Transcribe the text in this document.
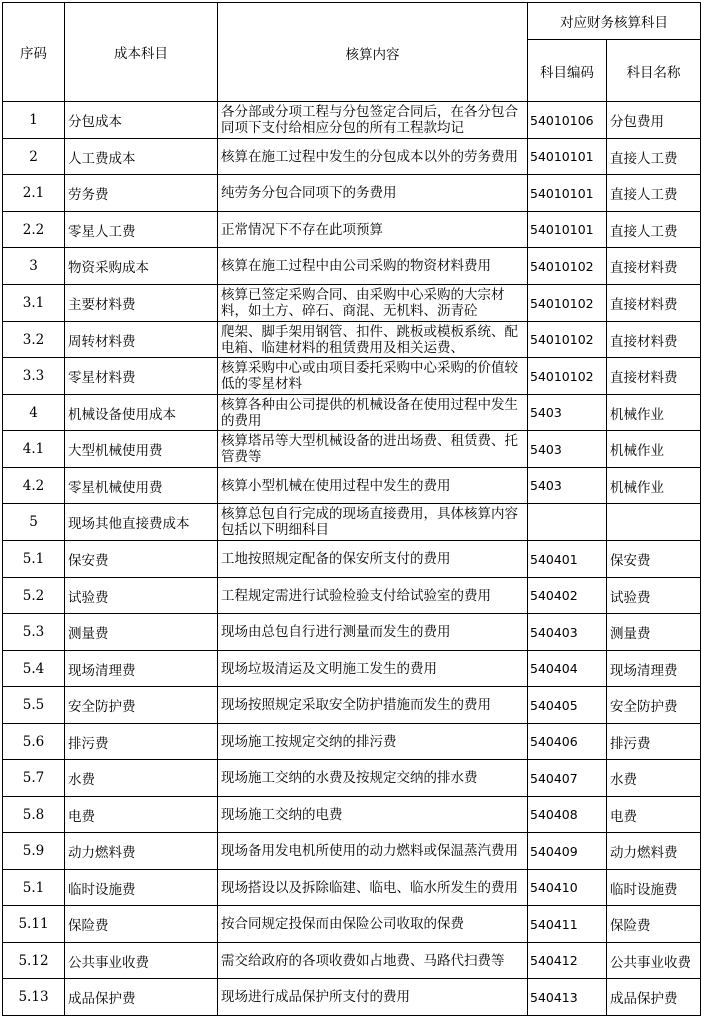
序码	成本科目	核算内容	对应财务核算科目	
			科目编码	科目名称
1	分包成本	各分部或分项工程与分包签定合同后，在各分包合同项下支付给相应分包的所有工程款均记	54010106	分包费用
2	人工费成本	核算在施工过程中发生的分包成本以外的劳务费用	54010101	直接人工费
2.1	劳务费	纯劳务分包合同项下的务费用	54010101	直接人工费
2.2	零星人工费	正常情况下不存在此项预算	54010101	直接人工费
3	物资采购成本	核算在施工过程中由公司采购的物资材料费用	54010102	直接材料费
3.1	主要材料费	核算已签定采购合同、由采购中心采购的大宗材料，如土方、碎石、商混、无机料、沥青砼	54010102	直接材料费
3.2	周转材料费	爬架、脚手架用钢管、扣件、跳板或模板系统、配电箱、临建材料的租赁费用及相关运费、	54010102	直接材料费
3.3	零星材料费	核算采购中心或由项目委托采购中心采购的价值较低的零星材料	54010102	直接材料费
4	机械设备使用成本	核算各种由公司提供的机械设备在使用过程中发生的费用	5403	机械作业
4.1	大型机械使用费	核算塔吊等大型机械设备的进出场费、租赁费、托管费等	5403	机械作业
4.2	零星机械使用费	核算小型机械在使用过程中发生的费用	5403	机械作业
5	现场其他直接费成本	核算总包自行完成的现场直接费用，具体核算内容包括以下明细科目		

5.1	保安费	工地按照规定配备的保安所支付的费用	540401	保安费
5.2	试验费	工程规定需进行试验检验支付给试验室的费用	540402	试验费
5.3	测量费	现场由总包自行进行测量而发生的费用	540403	测量费
5.4	现场清理费	现场垃圾清运及文明施工发生的费用	540404	现场清理费
5.5	安全防护费	现场按照规定采取安全防护措施而发生的费用	540405	安全防护费
5.6	排污费	现场施工按规定交纳的排污费	540406	排污费
5.7	水费	现场施工交纳的水费及按规定交纳的排水费	540407	水费
5.8	电费	现场施工交纳的电费	540408	电费
5.9	动力燃料费	现场备用发电机所使用的动力燃料或保温蒸汽费用	540409	动力燃料费
5.1	临时设施费	现场搭设以及拆除临建、临电、临水所发生的费用	540410	临时设施费
5.11	保险费	按合同规定投保而由保险公司收取的保费	540411	保险费
5.12	公共事业收费	需交给政府的各项收费如占地费、马路代扫费等	540412	公共事业收费
5.13	成品保护费	现场进行成品保护所支付的费用	540413	成品保护费
